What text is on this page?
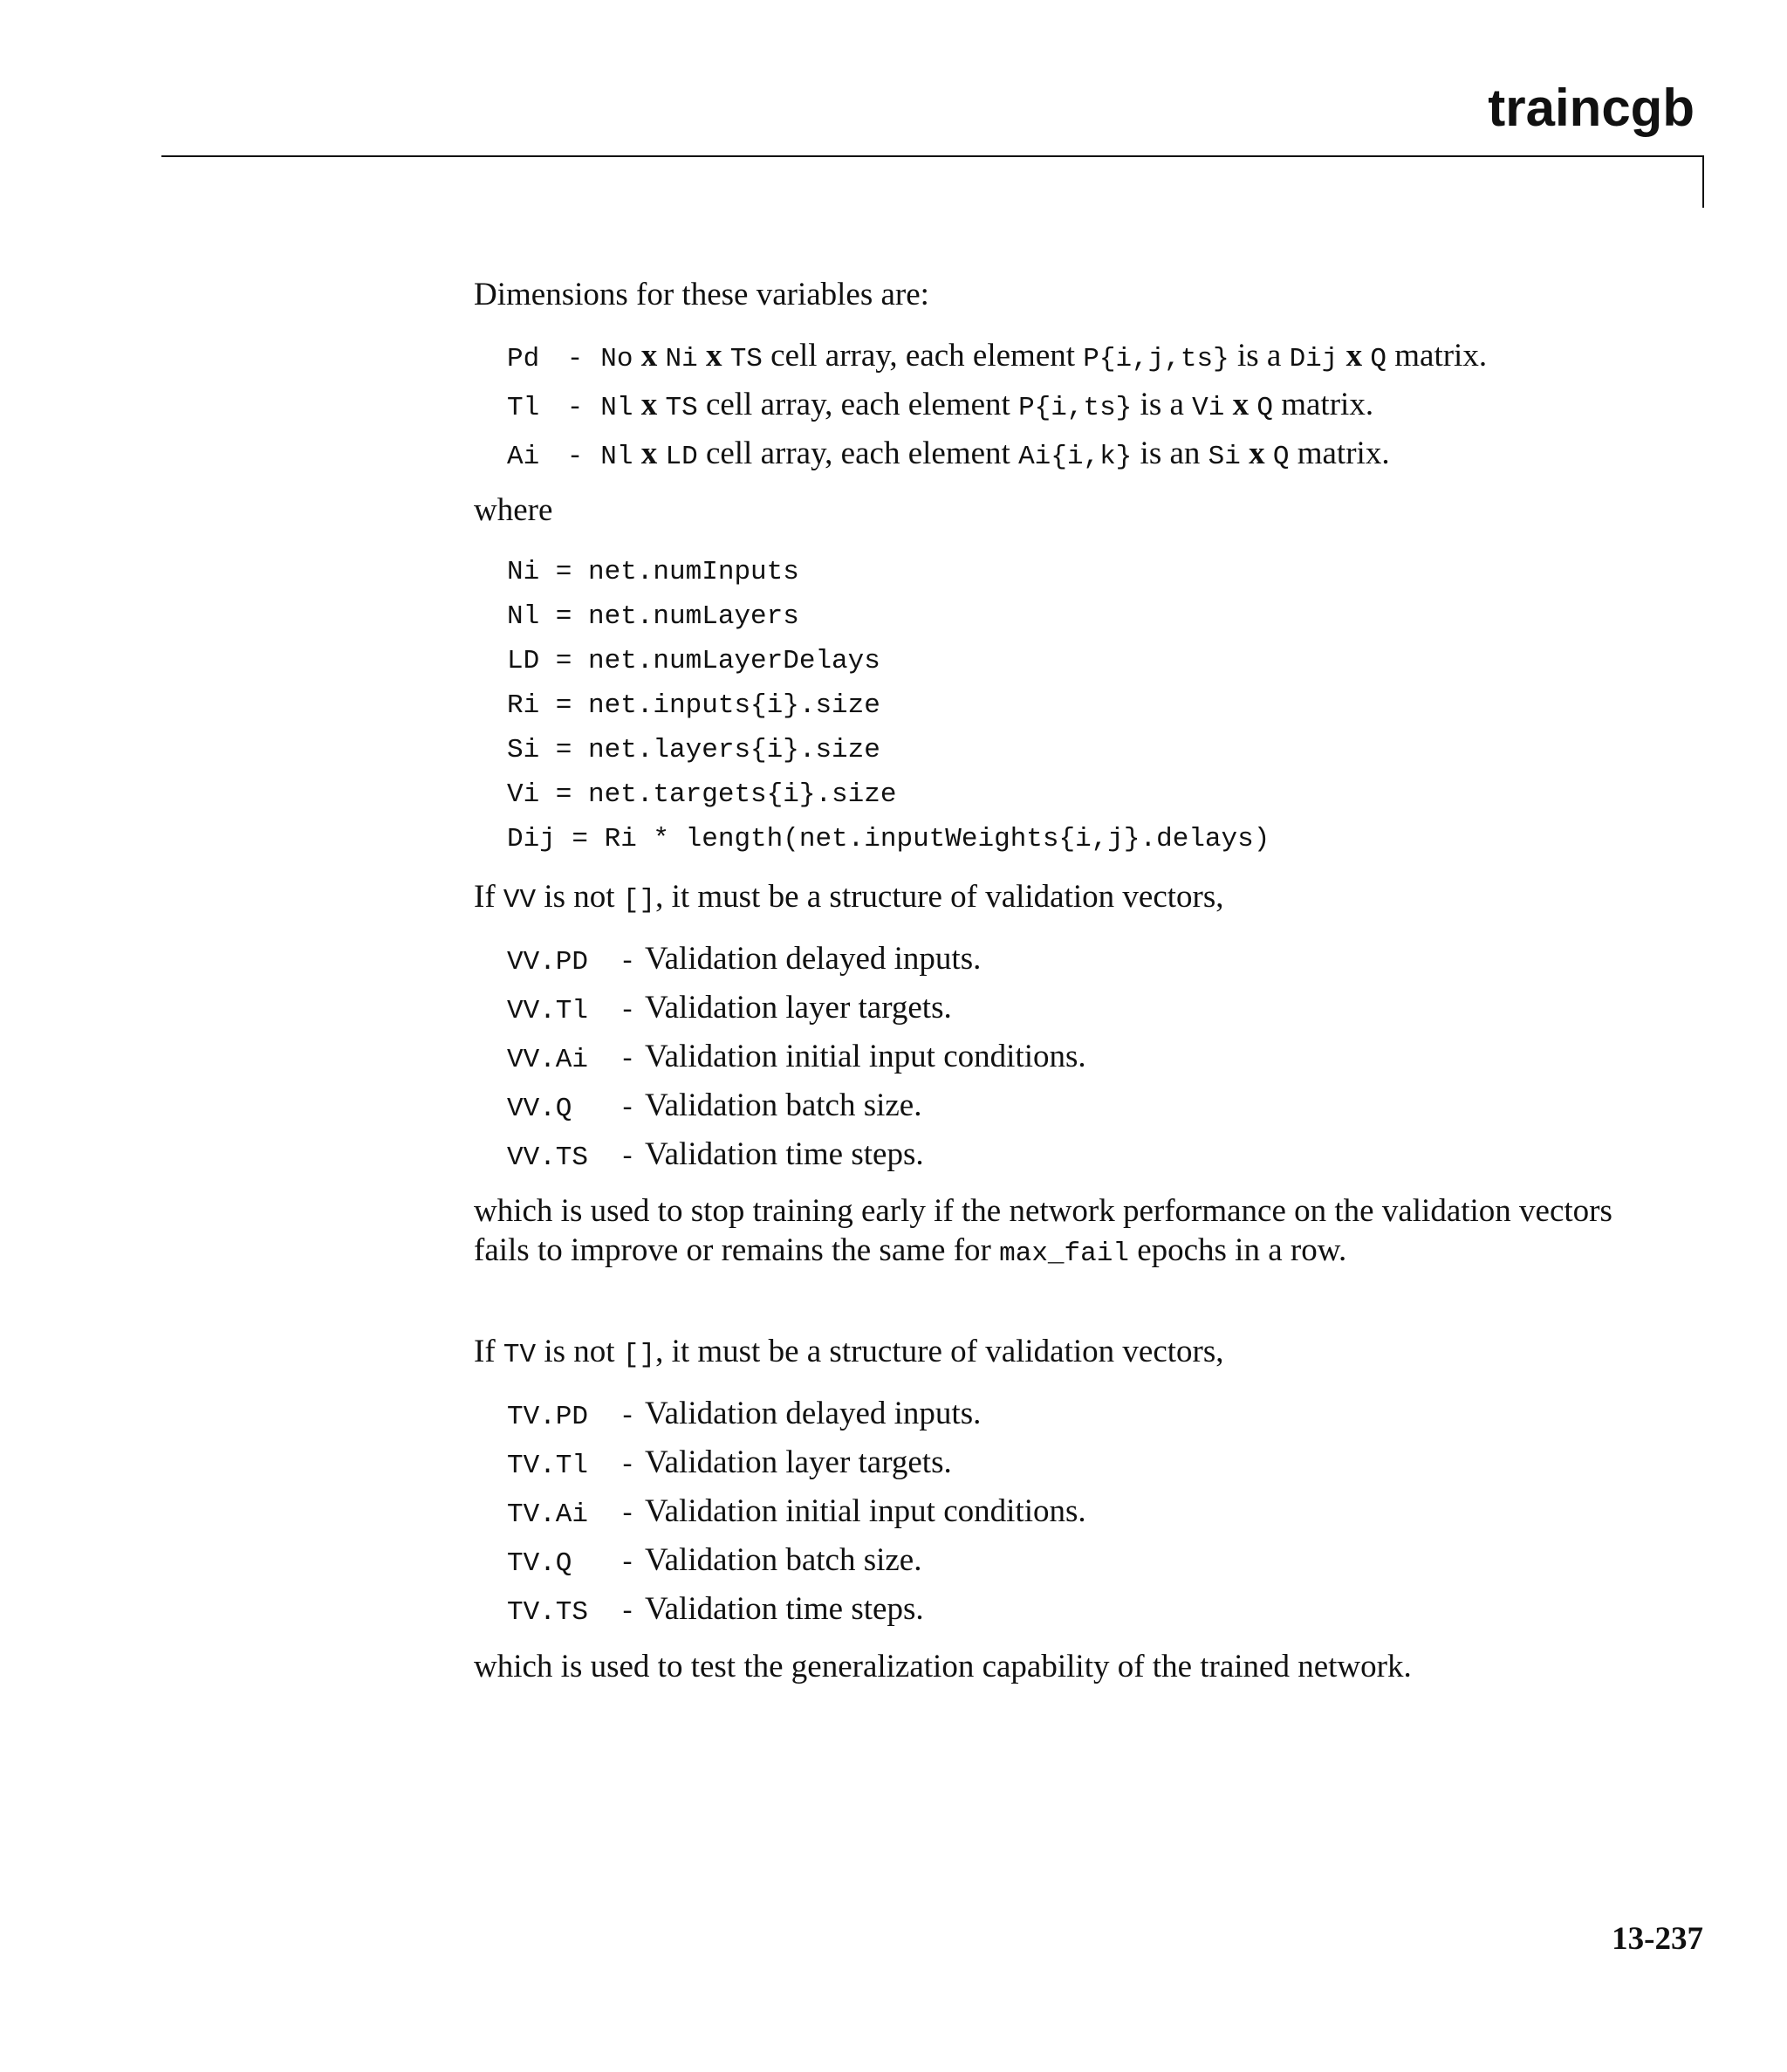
traincgb
Dimensions for these variables are:
Pd - No x Ni x TS cell array, each element P{i,j,ts} is a Dij x Q matrix.
Tl - Nl x TS cell array, each element P{i,ts} is a Vi x Q matrix.
Ai - Nl x LD cell array, each element Ai{i,k} is an Si x Q matrix.
where
Ni = net.numInputs
Nl = net.numLayers
LD = net.numLayerDelays
Ri = net.inputs{i}.size
Si = net.layers{i}.size
Vi = net.targets{i}.size
Dij = Ri * length(net.inputWeights{i,j}.delays)
If VV is not [], it must be a structure of validation vectors,
VV.PD - Validation delayed inputs.
VV.Tl - Validation layer targets.
VV.Ai - Validation initial input conditions.
VV.Q - Validation batch size.
VV.TS - Validation time steps.
which is used to stop training early if the network performance on the validation vectors fails to improve or remains the same for max_fail epochs in a row.
If TV is not [], it must be a structure of validation vectors,
TV.PD - Validation delayed inputs.
TV.Tl - Validation layer targets.
TV.Ai - Validation initial input conditions.
TV.Q - Validation batch size.
TV.TS - Validation time steps.
which is used to test the generalization capability of the trained network.
13-237
